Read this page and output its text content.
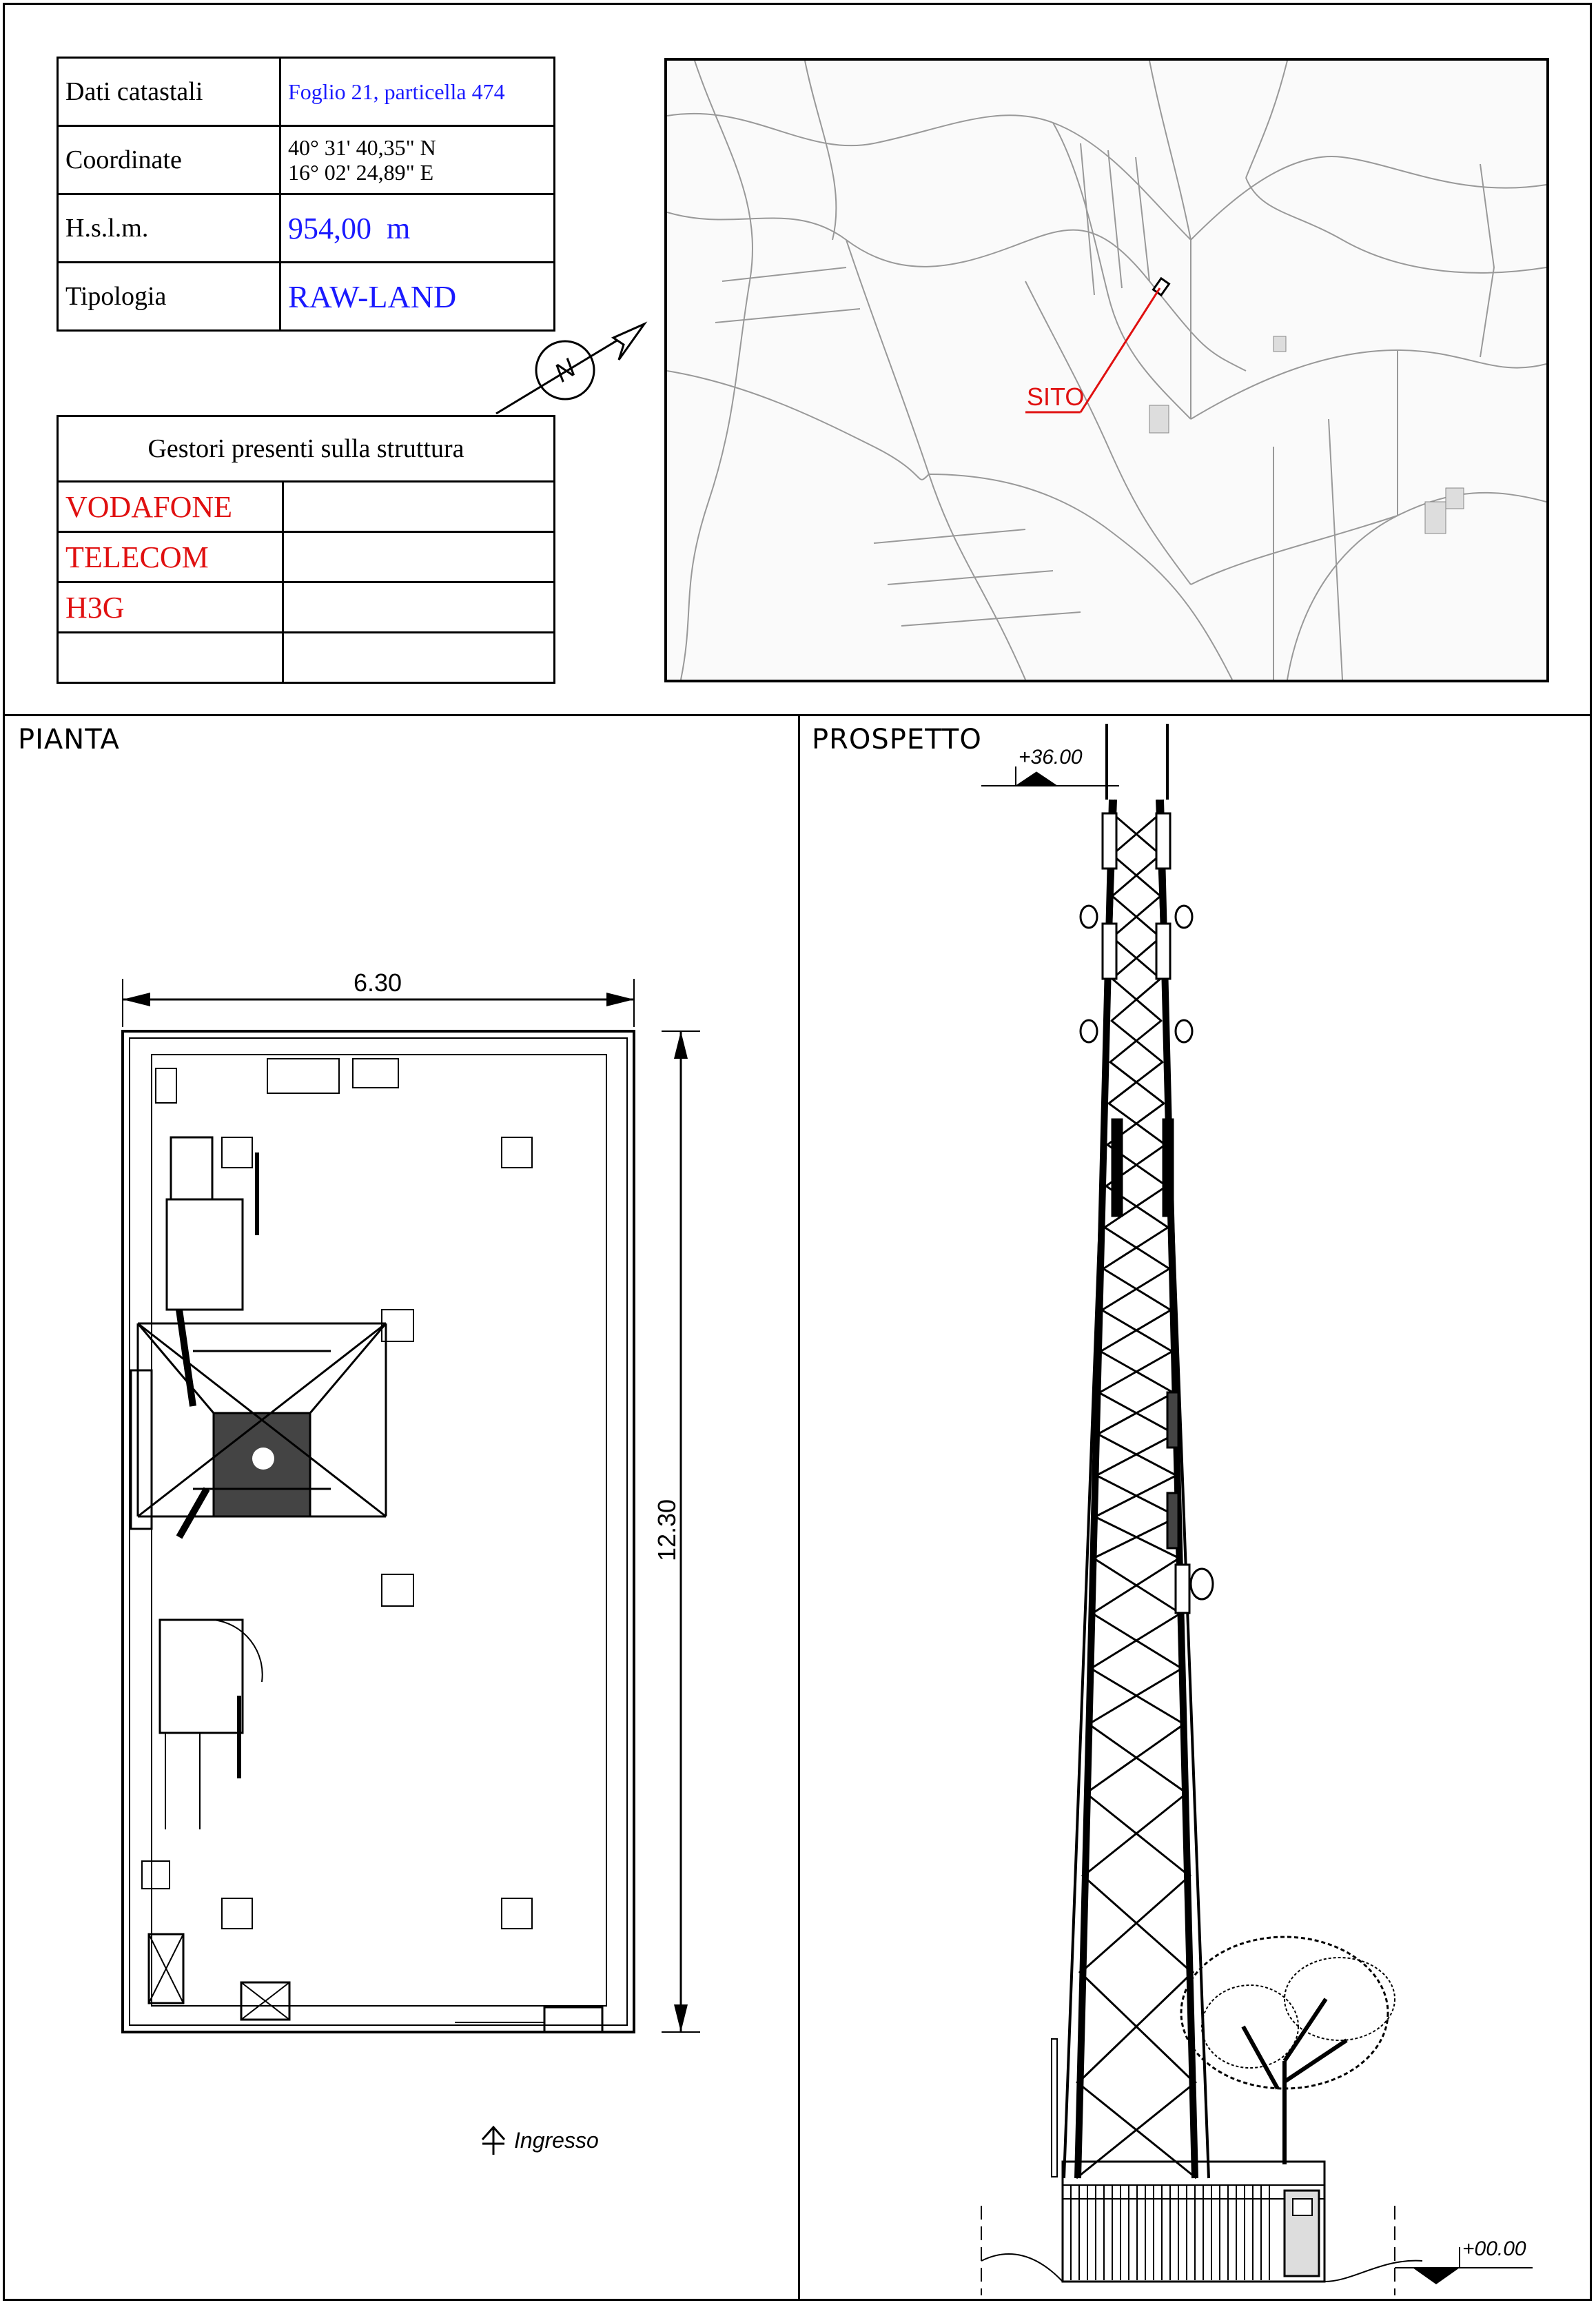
Dati catastali	Foglio 21, particella 474
Coordinate	40° 31' 40,35" N
16° 02' 24,89" E

H.s.l.m.	954,00  m
Tipologia	RAW-LAND
N
Gestori presenti sulla struttura	
VODAFONE	
TELECOM	
H3G	

SITO
PIANTA
6.30
12.30
Ingresso
PROSPETTO
+36.00
+00.00
